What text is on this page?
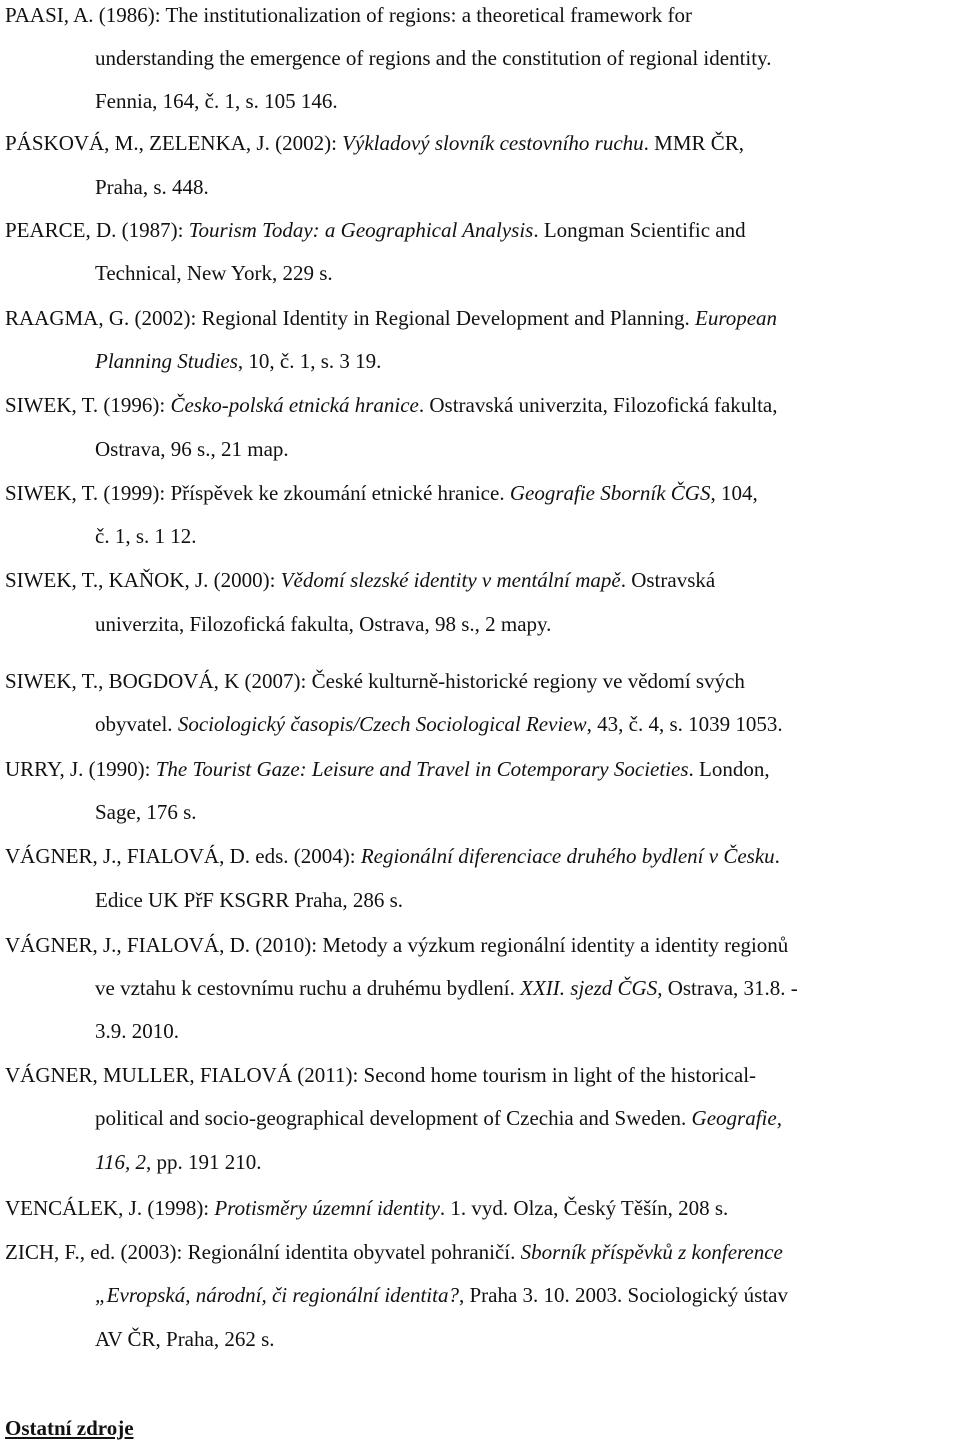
PAASI, A. (1986): The institutionalization of regions: a theoretical framework for
understanding the emergence of regions and the constitution of regional identity.
Fennia, 164, č. 1, s. 105 146.
PÁSKOVÁ, M., ZELENKA, J. (2002): Výkladový slovník cestovního ruchu. MMR ČR,
Praha, s. 448.
PEARCE, D. (1987): Tourism Today: a Geographical Analysis. Longman Scientific and
Technical, New York, 229 s.
RAAGMA, G. (2002): Regional Identity in Regional Development and Planning. European
Planning Studies, 10, č. 1, s. 3 19.
SIWEK, T. (1996): Česko-polská etnická hranice. Ostravská univerzita, Filozofická fakulta,
Ostrava, 96 s., 21 map.
SIWEK, T. (1999): Příspěvek ke zkoumání etnické hranice. Geografie Sborník ČGS, 104,
č. 1, s. 1 12.
SIWEK, T., KAŇOK, J. (2000): Vědomí slezské identity v mentální mapě. Ostravská
univerzita, Filozofická fakulta, Ostrava, 98 s., 2 mapy.
SIWEK, T., BOGDOVÁ, K (2007): České kulturně-historické regiony ve vědomí svých
obyvatel. Sociologický časopis/Czech Sociological Review, 43, č. 4, s. 1039 1053.
URRY, J. (1990): The Tourist Gaze: Leisure and Travel in Cotemporary Societies. London,
Sage, 176 s.
VÁGNER, J., FIALOVÁ, D. eds. (2004): Regionální diferenciace druhého bydlení v Česku.
Edice UK PřF KSGRR Praha, 286 s.
VÁGNER, J., FIALOVÁ, D. (2010): Metody a výzkum regionální identity a identity regionů
ve vztahu k cestovnímu ruchu a druhému bydlení. XXII. sjezd ČGS, Ostrava, 31.8. -
3.9. 2010.
VÁGNER, MULLER, FIALOVÁ (2011): Second home tourism in light of the historical-
political and socio-geographical development of Czechia and Sweden. Geografie,
116, 2, pp. 191 210.
VENCÁLEK, J. (1998): Protisměry územní identity. 1. vyd. Olza, Český Těšín, 208 s.
ZICH, F., ed. (2003): Regionální identita obyvatel pohraničí. Sborník příspěvků z konference
„Evropská, národní, či regionální identita?, Praha 3. 10. 2003. Sociologický ústav
AV ČR, Praha, 262 s.
Ostatní zdroje
